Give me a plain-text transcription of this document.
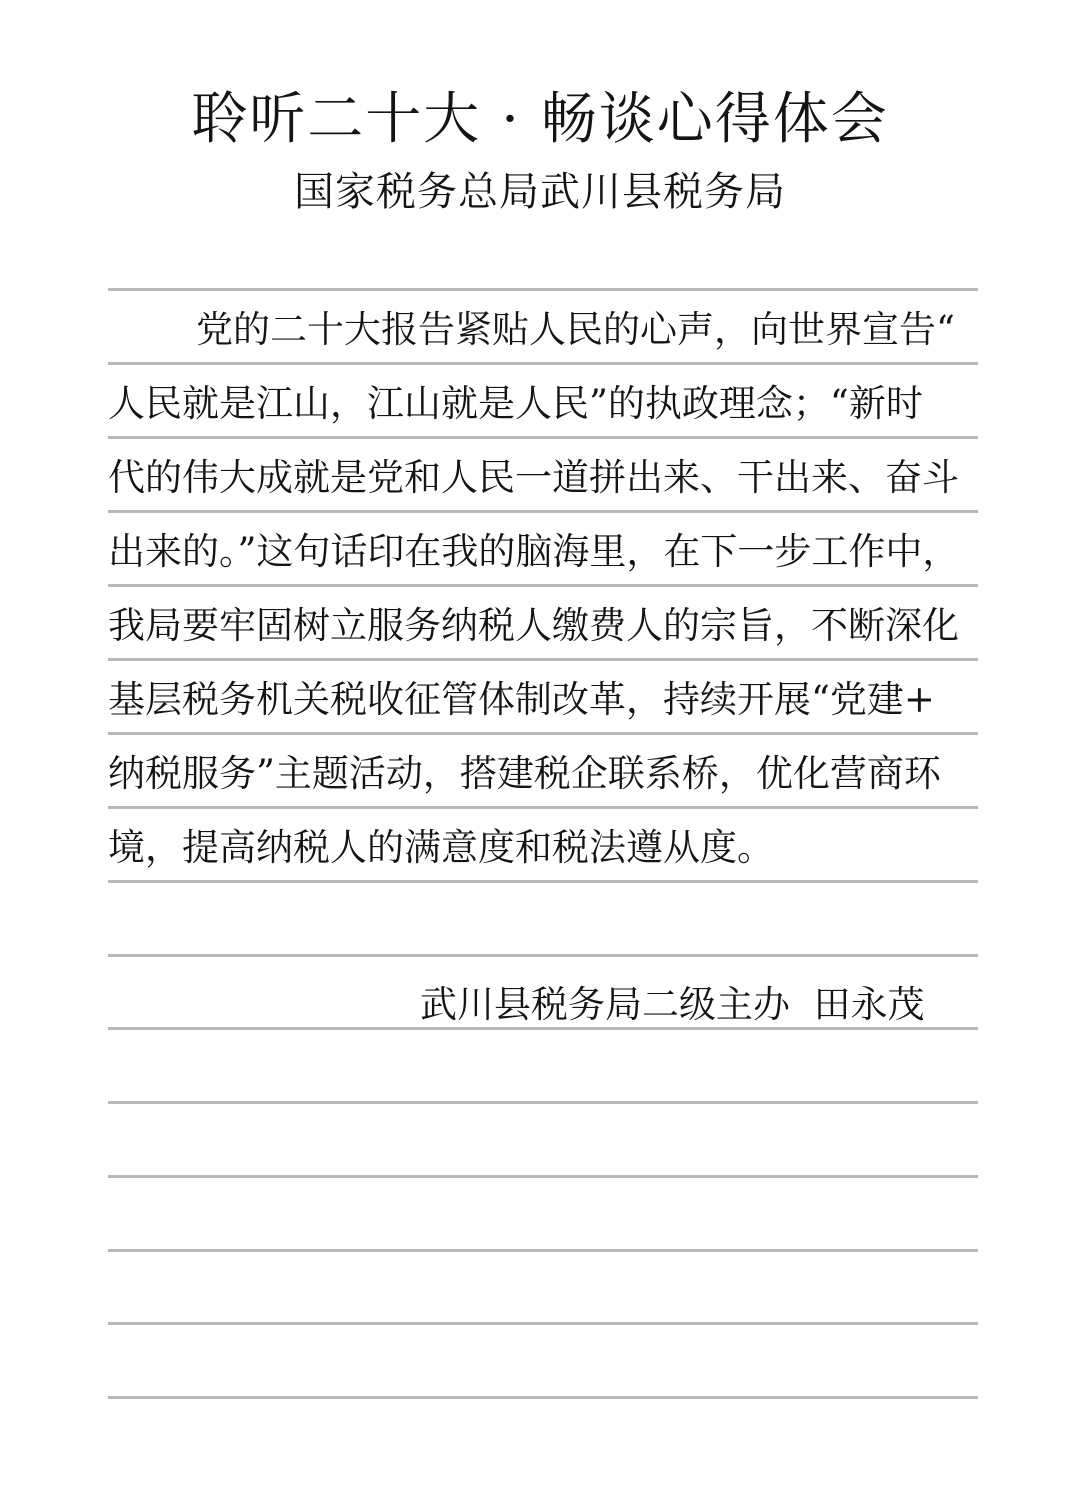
聆听二十大 · 畅谈心得体会
国家税务总局武川县税务局
党的二十大报告紧贴人民的心声，向世界宣告“
人民就是江山，江山就是人民”的执政理念；“新时
代的伟大成就是党和人民一道拼出来、干出来、奋斗
出来的。”这句话印在我的脑海里，在下一步工作中，
我局要牢固树立服务纳税人缴费人的宗旨，不断深化
基层税务机关税收征管体制改革，持续开展“党建+
纳税服务”主题活动，搭建税企联系桥，优化营商环
境，提高纳税人的满意度和税法遵从度。
武川县税务局二级主办  田永茂
